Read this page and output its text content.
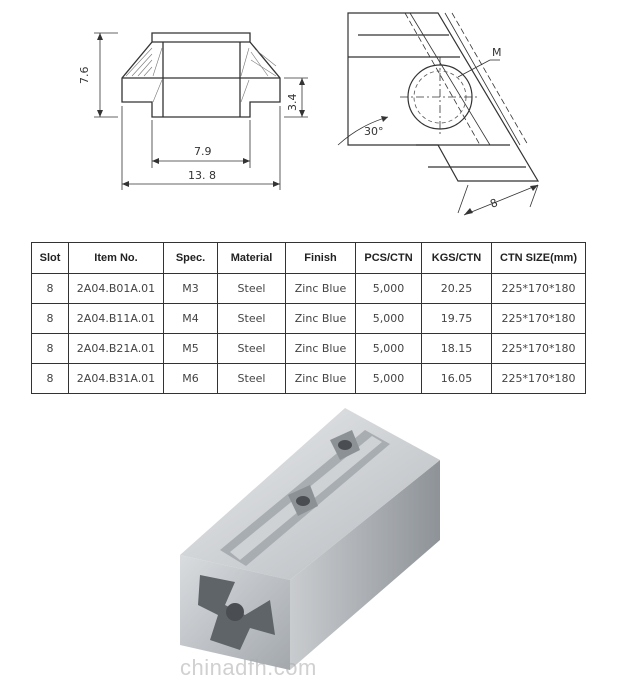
7.6
3.4
7.9
13. 8
M
30°
8
Slot	Item No.	Spec.	Material	Finish	PCS/CTN	KGS/CTN	CTN SIZE(mm)
8	2A04.B01A.01	M3	Steel	Zinc Blue	5,000	20.25	225*170*180
8	2A04.B11A.01	M4	Steel	Zinc Blue	5,000	19.75	225*170*180
8	2A04.B21A.01	M5	Steel	Zinc Blue	5,000	18.15	225*170*180
8	2A04.B31A.01	M6	Steel	Zinc Blue	5,000	16.05	225*170*180
chinadfh.com
